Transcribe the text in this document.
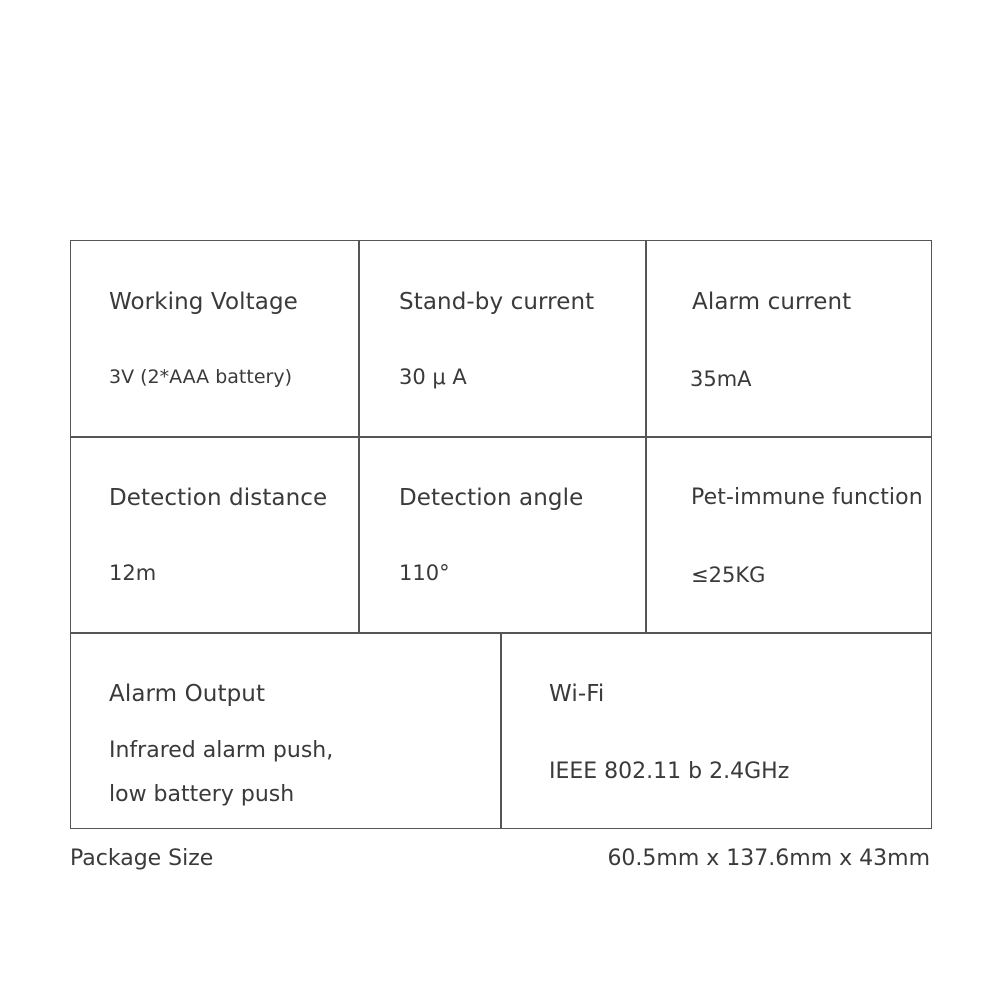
Working Voltage
3V (2*AAA battery)
Stand-by current
30 μ A
Alarm current
35mA
Detection distance
12m
Detection angle
110°
Pet-immune function
≤25KG
Alarm Output
Infrared alarm push,
low battery push
Wi-Fi
IEEE 802.11 b 2.4GHz
Package Size	60.5mm x 137.6mm x 43mm
